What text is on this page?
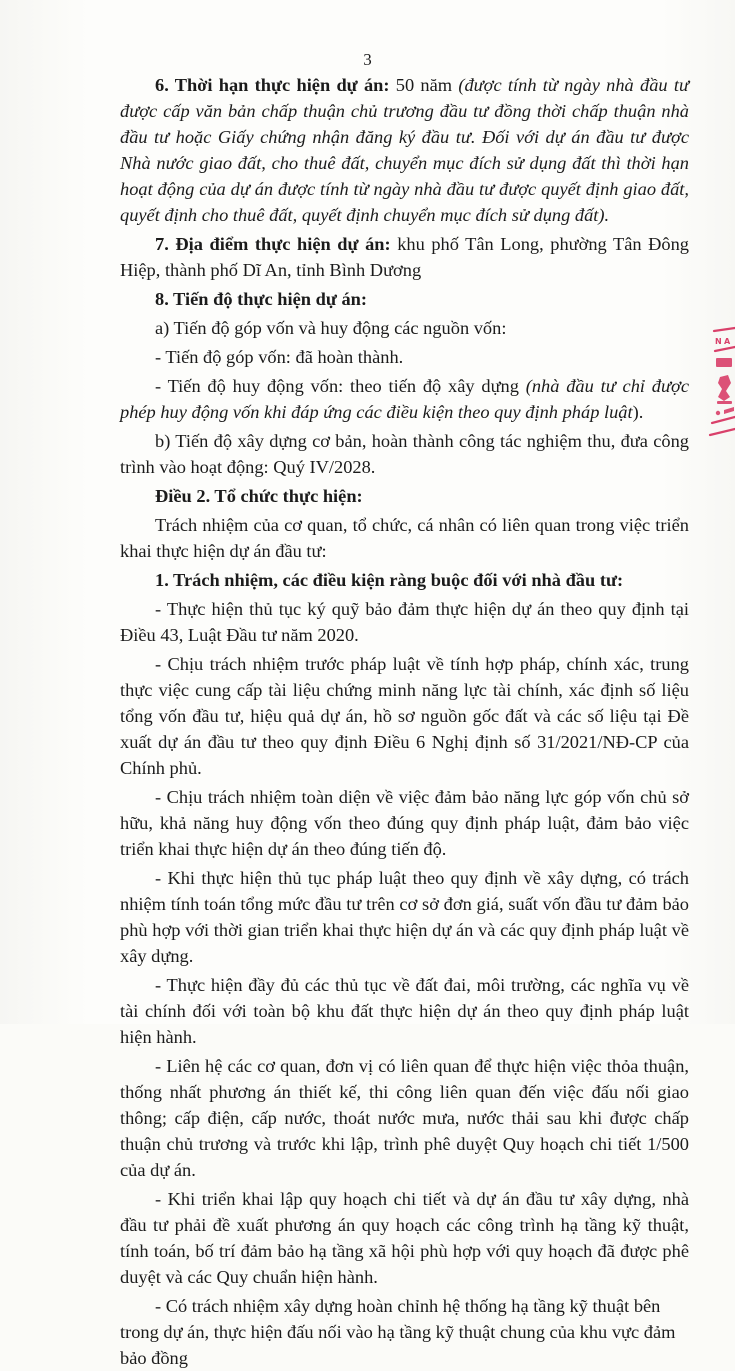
3

6. Thời hạn thực hiện dự án: 50 năm (được tính từ ngày nhà đầu tư được cấp văn bản chấp thuận chủ trương đầu tư đồng thời chấp thuận nhà đầu tư hoặc Giấy chứng nhận đăng ký đầu tư. Đối với dự án đầu tư được Nhà nước giao đất, cho thuê đất, chuyển mục đích sử dụng đất thì thời hạn hoạt động của dự án được tính từ ngày nhà đầu tư được quyết định giao đất, quyết định cho thuê đất, quyết định chuyển mục đích sử dụng đất).

7. Địa điểm thực hiện dự án: khu phố Tân Long, phường Tân Đông Hiệp, thành phố Dĩ An, tỉnh Bình Dương

8. Tiến độ thực hiện dự án:

a) Tiến độ góp vốn và huy động các nguồn vốn:

- Tiến độ góp vốn: đã hoàn thành.

- Tiến độ huy động vốn: theo tiến độ xây dựng (nhà đầu tư chỉ được phép huy động vốn khi đáp ứng các điều kiện theo quy định pháp luật).

b) Tiến độ xây dựng cơ bản, hoàn thành công tác nghiệm thu, đưa công trình vào hoạt động: Quý IV/2028.

Điều 2. Tổ chức thực hiện:

Trách nhiệm của cơ quan, tổ chức, cá nhân có liên quan trong việc triển khai thực hiện dự án đầu tư:

1. Trách nhiệm, các điều kiện ràng buộc đối với nhà đầu tư:

- Thực hiện thủ tục ký quỹ bảo đảm thực hiện dự án theo quy định tại Điều 43, Luật Đầu tư năm 2020.

- Chịu trách nhiệm trước pháp luật về tính hợp pháp, chính xác, trung thực việc cung cấp tài liệu chứng minh năng lực tài chính, xác định số liệu tổng vốn đầu tư, hiệu quả dự án, hồ sơ nguồn gốc đất và các số liệu tại Đề xuất dự án đầu tư theo quy định Điều 6 Nghị định số 31/2021/NĐ-CP của Chính phủ.

- Chịu trách nhiệm toàn diện về việc đảm bảo năng lực góp vốn chủ sở hữu, khả năng huy động vốn theo đúng quy định pháp luật, đảm bảo việc triển khai thực hiện dự án theo đúng tiến độ.

- Khi thực hiện thủ tục pháp luật theo quy định về xây dựng, có trách nhiệm tính toán tổng mức đầu tư trên cơ sở đơn giá, suất vốn đầu tư đảm bảo phù hợp với thời gian triển khai thực hiện dự án và các quy định pháp luật về xây dựng.

- Thực hiện đầy đủ các thủ tục về đất đai, môi trường, các nghĩa vụ về tài chính đối với toàn bộ khu đất thực hiện dự án theo quy định pháp luật hiện hành.

- Liên hệ các cơ quan, đơn vị có liên quan để thực hiện việc thỏa thuận, thống nhất phương án thiết kế, thi công liên quan đến việc đấu nối giao thông; cấp điện, cấp nước, thoát nước mưa, nước thải sau khi được chấp thuận chủ trương và trước khi lập, trình phê duyệt Quy hoạch chi tiết 1/500 của dự án.

- Khi triển khai lập quy hoạch chi tiết và dự án đầu tư xây dựng, nhà đầu tư phải đề xuất phương án quy hoạch các công trình hạ tầng kỹ thuật, tính toán, bố trí đảm bảo hạ tầng xã hội phù hợp với quy hoạch đã được phê duyệt và các Quy chuẩn hiện hành.

- Có trách nhiệm xây dựng hoàn chỉnh hệ thống hạ tầng kỹ thuật bên trong dự án, thực hiện đấu nối vào hạ tầng kỹ thuật chung của khu vực đảm bảo đồng

N A
